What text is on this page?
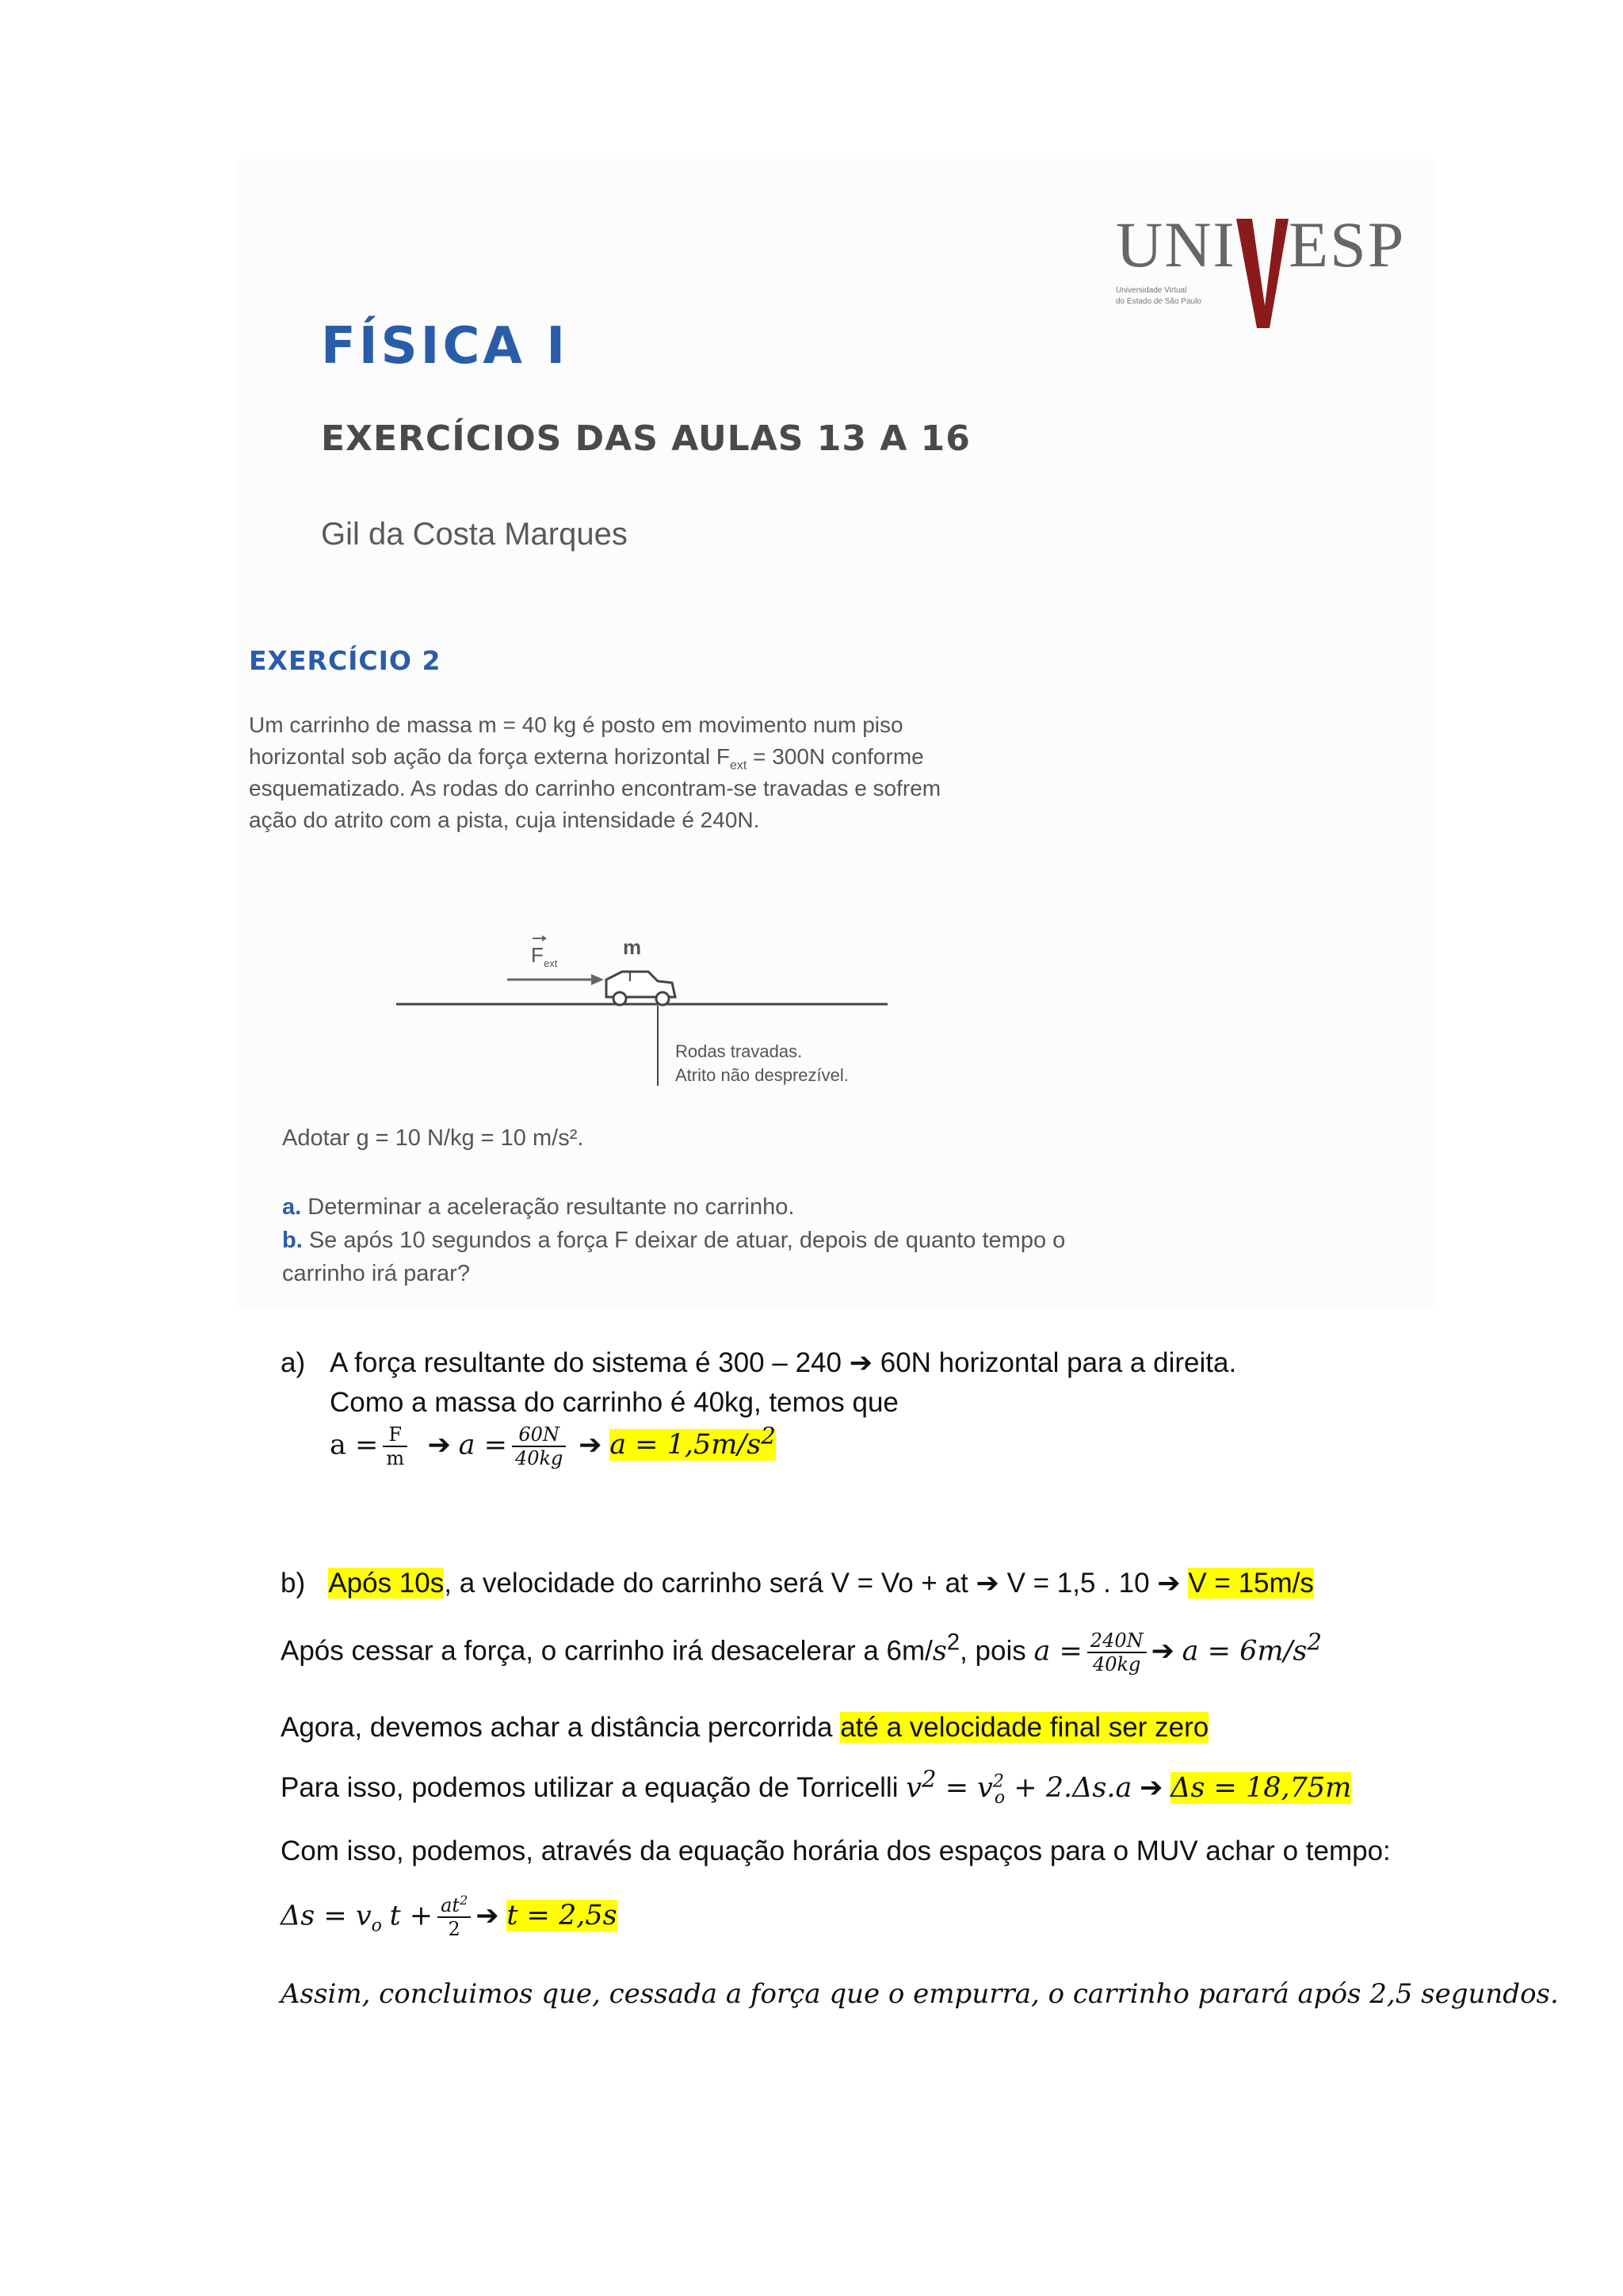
UNI ESP
Universidade Virtual
do Estado de São Paulo
FÍSICA I
EXERCÍCIOS DAS AULAS 13 A 16
Gil da Costa Marques
EXERCÍCIO 2
Um carrinho de massa m = 40 kg é posto em movimento num piso horizontal sob ação da força externa horizontal $F_{ext} = 300N$ conforme esquematizado. As rodas do carrinho encontram-se travadas e sofrem ação do atrito com a pista, cuja intensidade é 240N.
F ext
m
Rodas travadas.
Atrito não desprezível.
Adotar g = 10 N/kg = 10 m/s².
a. Determinar a aceleração resultante no carrinho.
b. Se após 10 segundos a força F deixar de atuar, depois de quanto tempo o carrinho irá parar?
a) A força resultante do sistema é 300 – 240 ➔ 60N horizontal para a direita.
Como a massa do carrinho é 40kg, temos que
$a = \frac{F}{m}$ ➔ $a = \frac{60N}{40kg}$ ➔ $a = 1,5m/s^2$
b) Após 10s, a velocidade do carrinho será V = Vo + at ➔ V = 1,5 . 10 ➔ V = 15m/s
Após cessar a força, o carrinho irá desacelerar a $6m/s^2$, pois $a = \frac{240N}{40kg}$ ➔ $a = 6m/s^2$
Agora, devemos achar a distância percorrida até a velocidade final ser zero
Para isso, podemos utilizar a equação de Torricelli $v^2 = v^2_o + 2.\Delta s.a$ ➔ Δs = 18,75m
Com isso, podemos, através da equação horária dos espaços para o MUV achar o tempo:
$\Delta s = v_o$ $t + \frac{at^2}{2}$ ➔ t = 2,5s
Assim, concluimos que, cessada a força que o empurra, o carrinho parará após 2,5 segundos.
